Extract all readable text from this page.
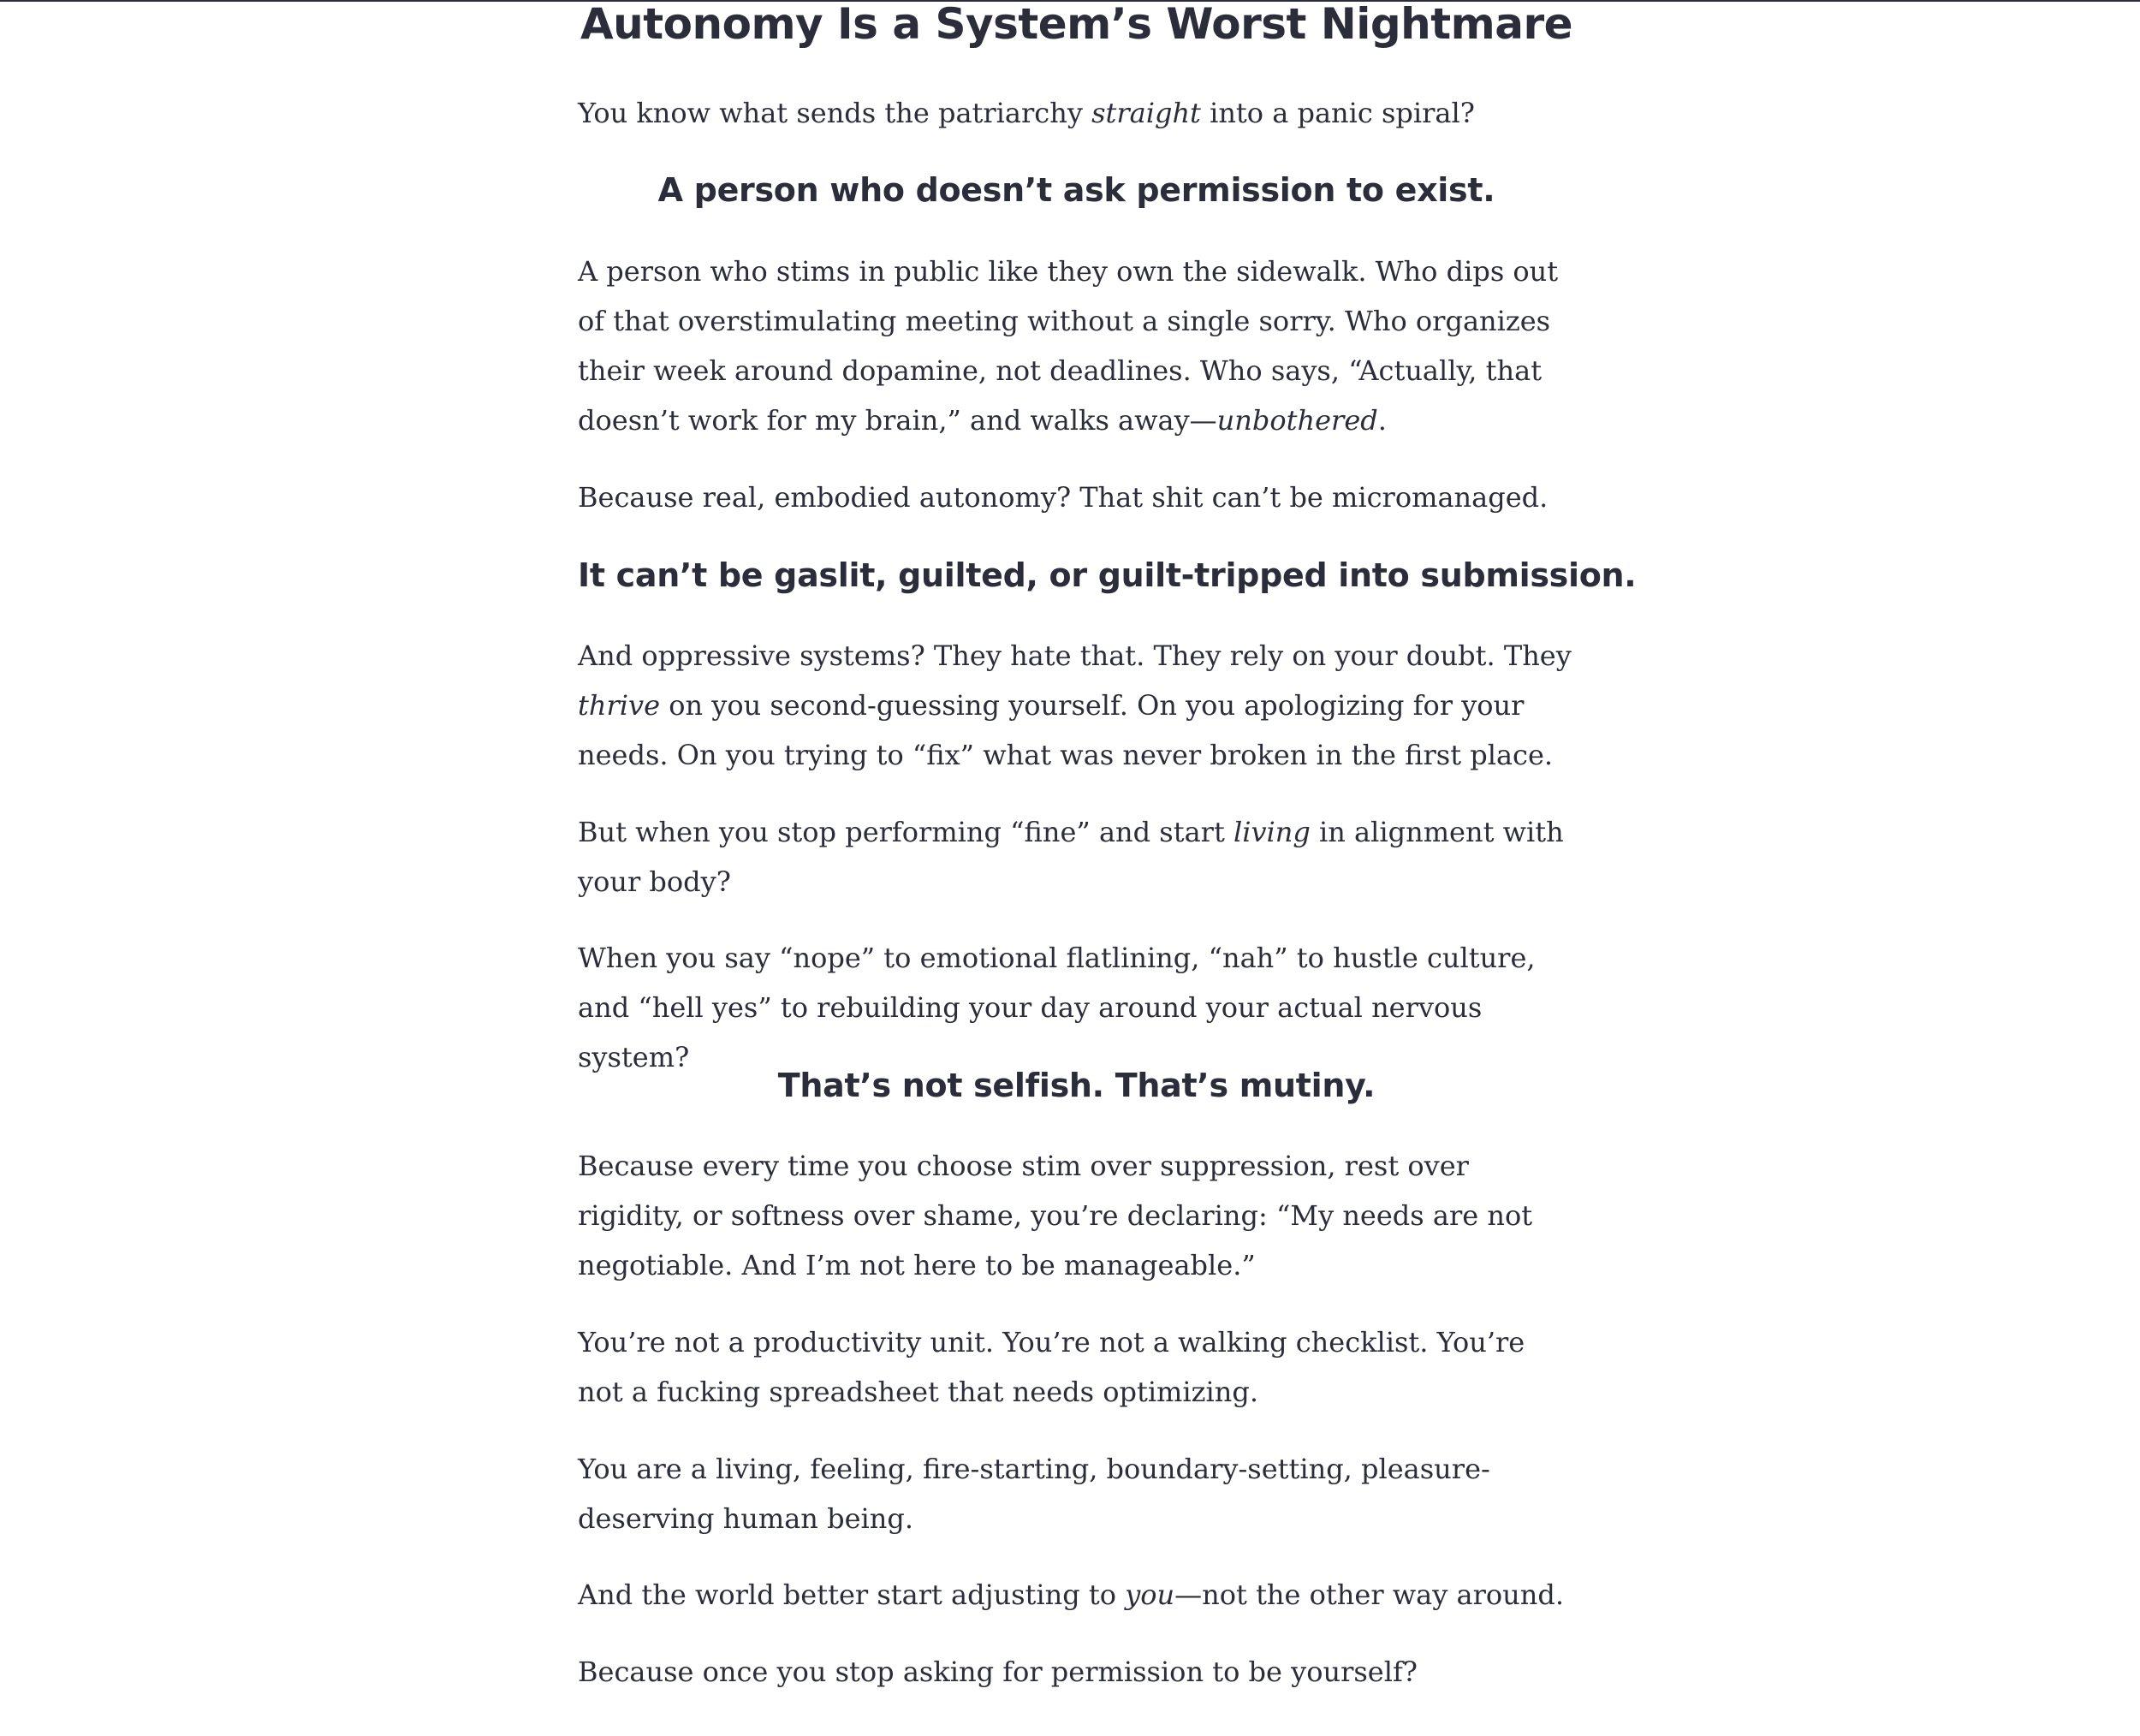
Autonomy Is a System’s Worst Nightmare

You know what sends the patriarchy straight into a panic spiral?

A person who doesn’t ask permission to exist.

A person who stims in public like they own the sidewalk. Who dips out of that overstimulating meeting without a single sorry. Who organizes their week around dopamine, not deadlines. Who says, “Actually, that doesn’t work for my brain,” and walks away—unbothered.

Because real, embodied autonomy? That shit can’t be micromanaged.

It can’t be gaslit, guilted, or guilt-tripped into submission.

And oppressive systems? They hate that. They rely on your doubt. They thrive on you second-guessing yourself. On you apologizing for your needs. On you trying to “fix” what was never broken in the first place.

But when you stop performing “fine” and start living in alignment with your body?

When you say “nope” to emotional flatlining, “nah” to hustle culture, and “hell yes” to rebuilding your day around your actual nervous system?

That’s not selfish. That’s mutiny.

Because every time you choose stim over suppression, rest over rigidity, or softness over shame, you’re declaring: “My needs are not negotiable. And I’m not here to be manageable.”

You’re not a productivity unit. You’re not a walking checklist. You’re not a fucking spreadsheet that needs optimizing.

You are a living, feeling, fire-starting, boundary-setting, pleasure-deserving human being.

And the world better start adjusting to you—not the other way around.

Because once you stop asking for permission to be yourself?
